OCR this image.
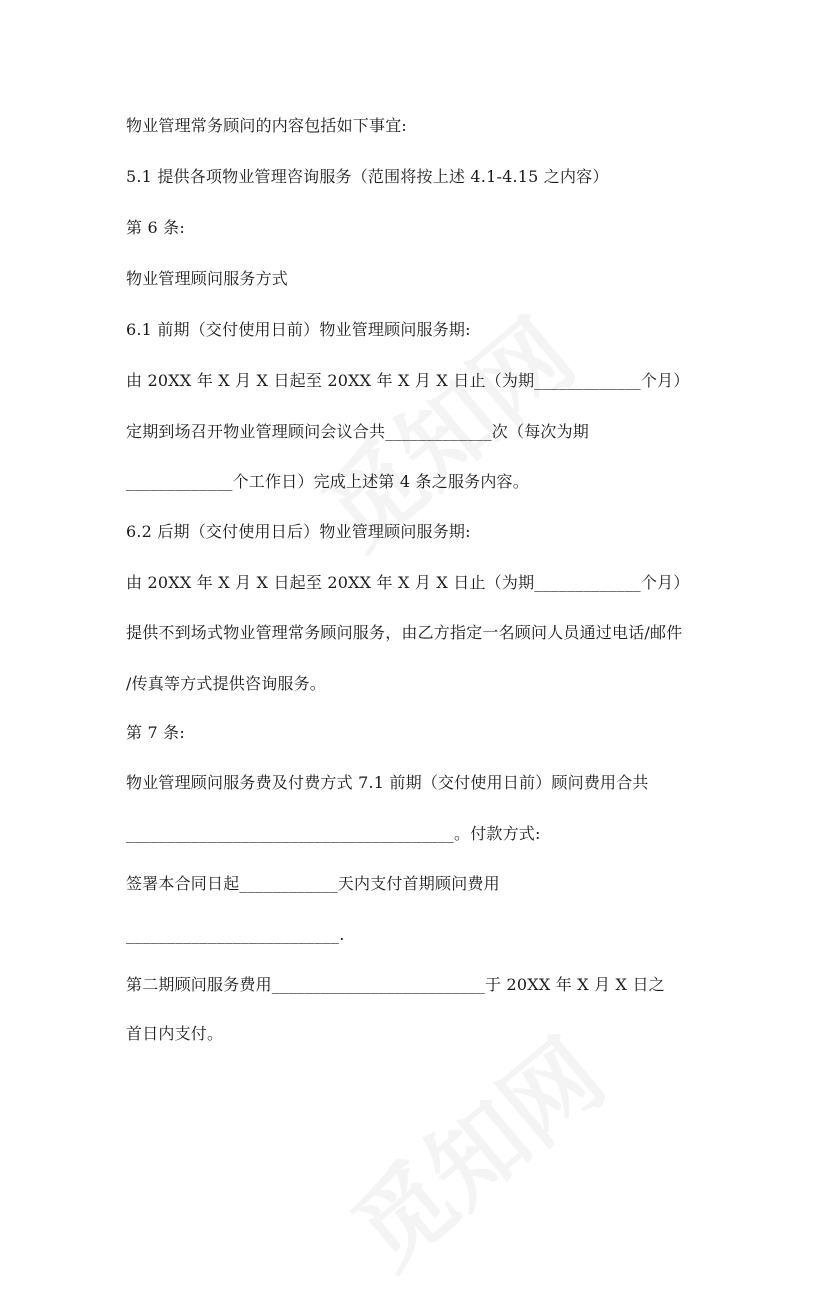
物业管理常务顾问的内容包括如下事宜:
5.1 提供各项物业管理咨询服务（范围将按上述 4.1-4.15 之内容）
第 6 条:
物业管理顾问服务方式
6.1 前期（交付使用日前）物业管理顾问服务期:
由 20XX 年 X 月 X 日起至 20XX 年 X 月 X 日止（为期_____________个月）
定期到场召开物业管理顾问会议合共_____________次（每次为期
_____________个工作日）完成上述第 4 条之服务内容。
6.2 后期（交付使用日后）物业管理顾问服务期:
由 20XX 年 X 月 X 日起至 20XX 年 X 月 X 日止（为期_____________个月）
提供不到场式物业管理常务顾问服务，由乙方指定一名顾问人员通过电话/邮件
/传真等方式提供咨询服务。
第 7 条:
物业管理顾问服务费及付费方式 7.1 前期（交付使用日前）顾问费用合共
________________________________________。付款方式:
签署本合同日起____________天内支付首期顾问费用
__________________________.
第二期顾问服务费用__________________________于 20XX 年 X 月 X 日之
首日内支付。
